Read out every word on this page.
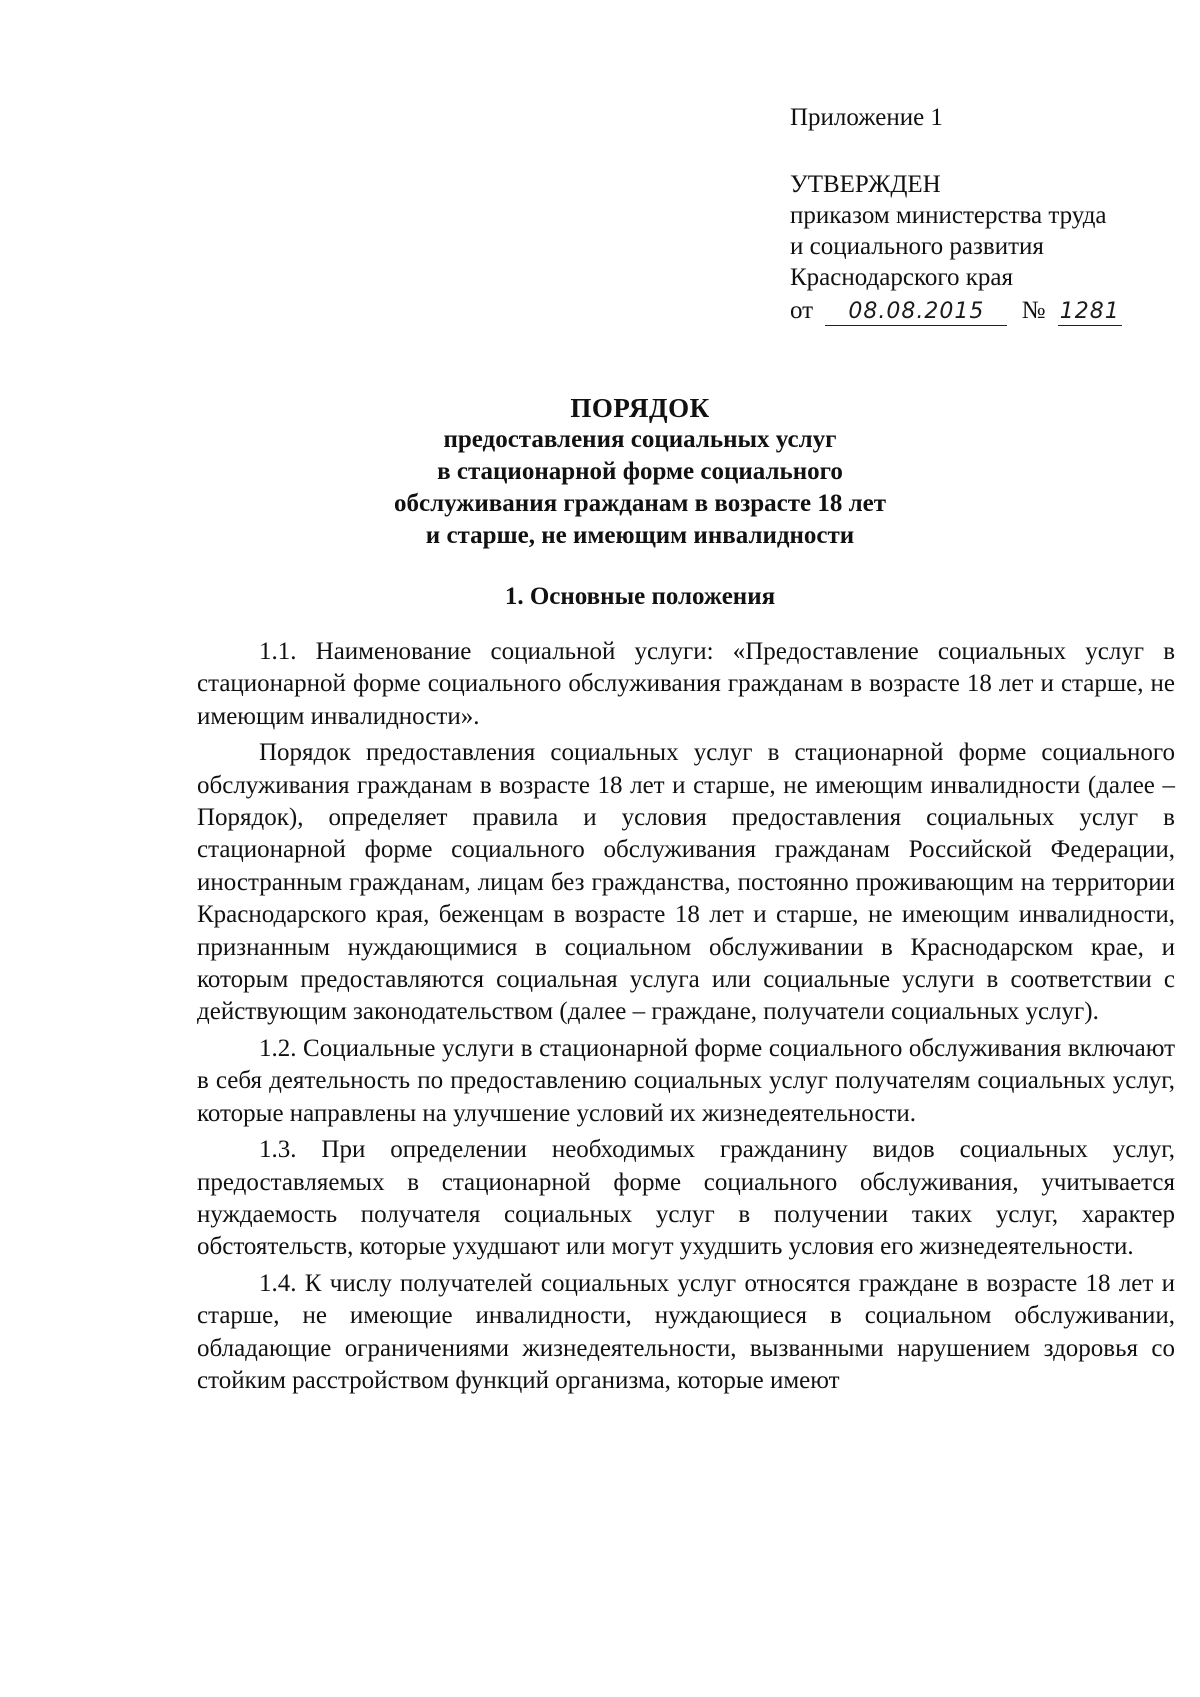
Приложение 1
УТВЕРЖДЕН
приказом министерства труда
и социального развития
Краснодарского края
от 08.08.2015 № 1281
ПОРЯДОК
предоставления социальных услуг
в стационарной форме социального
обслуживания гражданам в возрасте 18 лет
и старше, не имеющим инвалидности
1. Основные положения

1.1. Наименование социальной услуги: «Предоставление социальных услуг в стационарной форме социального обслуживания гражданам в возрасте 18 лет и старше, не имеющим инвалидности».

Порядок предоставления социальных услуг в стационарной форме социального обслуживания гражданам в возрасте 18 лет и старше, не имеющим инвалидности (далее – Порядок), определяет правила и условия предоставления социальных услуг в стационарной форме социального обслуживания гражданам Российской Федерации, иностранным гражданам, лицам без гражданства, постоянно проживающим на территории Краснодарского края, беженцам в возрасте 18 лет и старше, не имеющим инвалидности, признанным нуждающимися в социальном обслуживании в Краснодарском крае, и которым предоставляются социальная услуга или социальные услуги в соответствии с действующим законодательством (далее – граждане, получатели социальных услуг).

1.2. Социальные услуги в стационарной форме социального обслуживания включают в себя деятельность по предоставлению социальных услуг получателям социальных услуг, которые направлены на улучшение условий их жизнедеятельности.

1.3. При определении необходимых гражданину видов социальных услуг, предоставляемых в стационарной форме социального обслуживания, учитывается нуждаемость получателя социальных услуг в получении таких услуг, характер обстоятельств, которые ухудшают или могут ухудшить условия его жизнедеятельности.

1.4. К числу получателей социальных услуг относятся граждане в возрасте 18 лет и старше, не имеющие инвалидности, нуждающиеся в социальном обслуживании, обладающие ограничениями жизнедеятельности, вызванными нарушением здоровья со стойким расстройством функций организма, которые имеют
